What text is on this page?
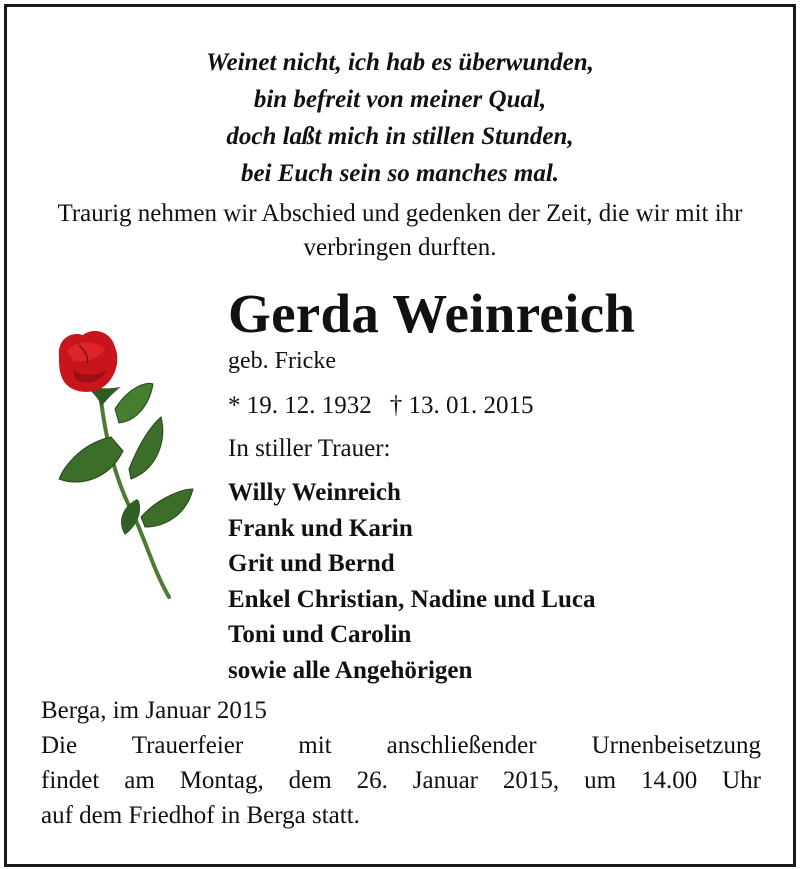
Weinet nicht, ich hab es überwunden,
bin befreit von meiner Qual,
doch laßt mich in stillen Stunden,
bei Euch sein so manches mal.
Traurig nehmen wir Abschied und gedenken der Zeit, die wir mit ihr verbringen durften.
Gerda Weinreich
geb. Fricke
* 19. 12. 1932 † 13. 01. 2015
In stiller Trauer:
Willy Weinreich
Frank und Karin
Grit und Bernd
Enkel Christian, Nadine und Luca
Toni und Carolin
sowie alle Angehörigen
Berga, im Januar 2015
Die Trauerfeier mit anschließender Urnenbeisetzung
findet am Montag, dem 26. Januar 2015, um 14.00 Uhr
auf dem Friedhof in Berga statt.
